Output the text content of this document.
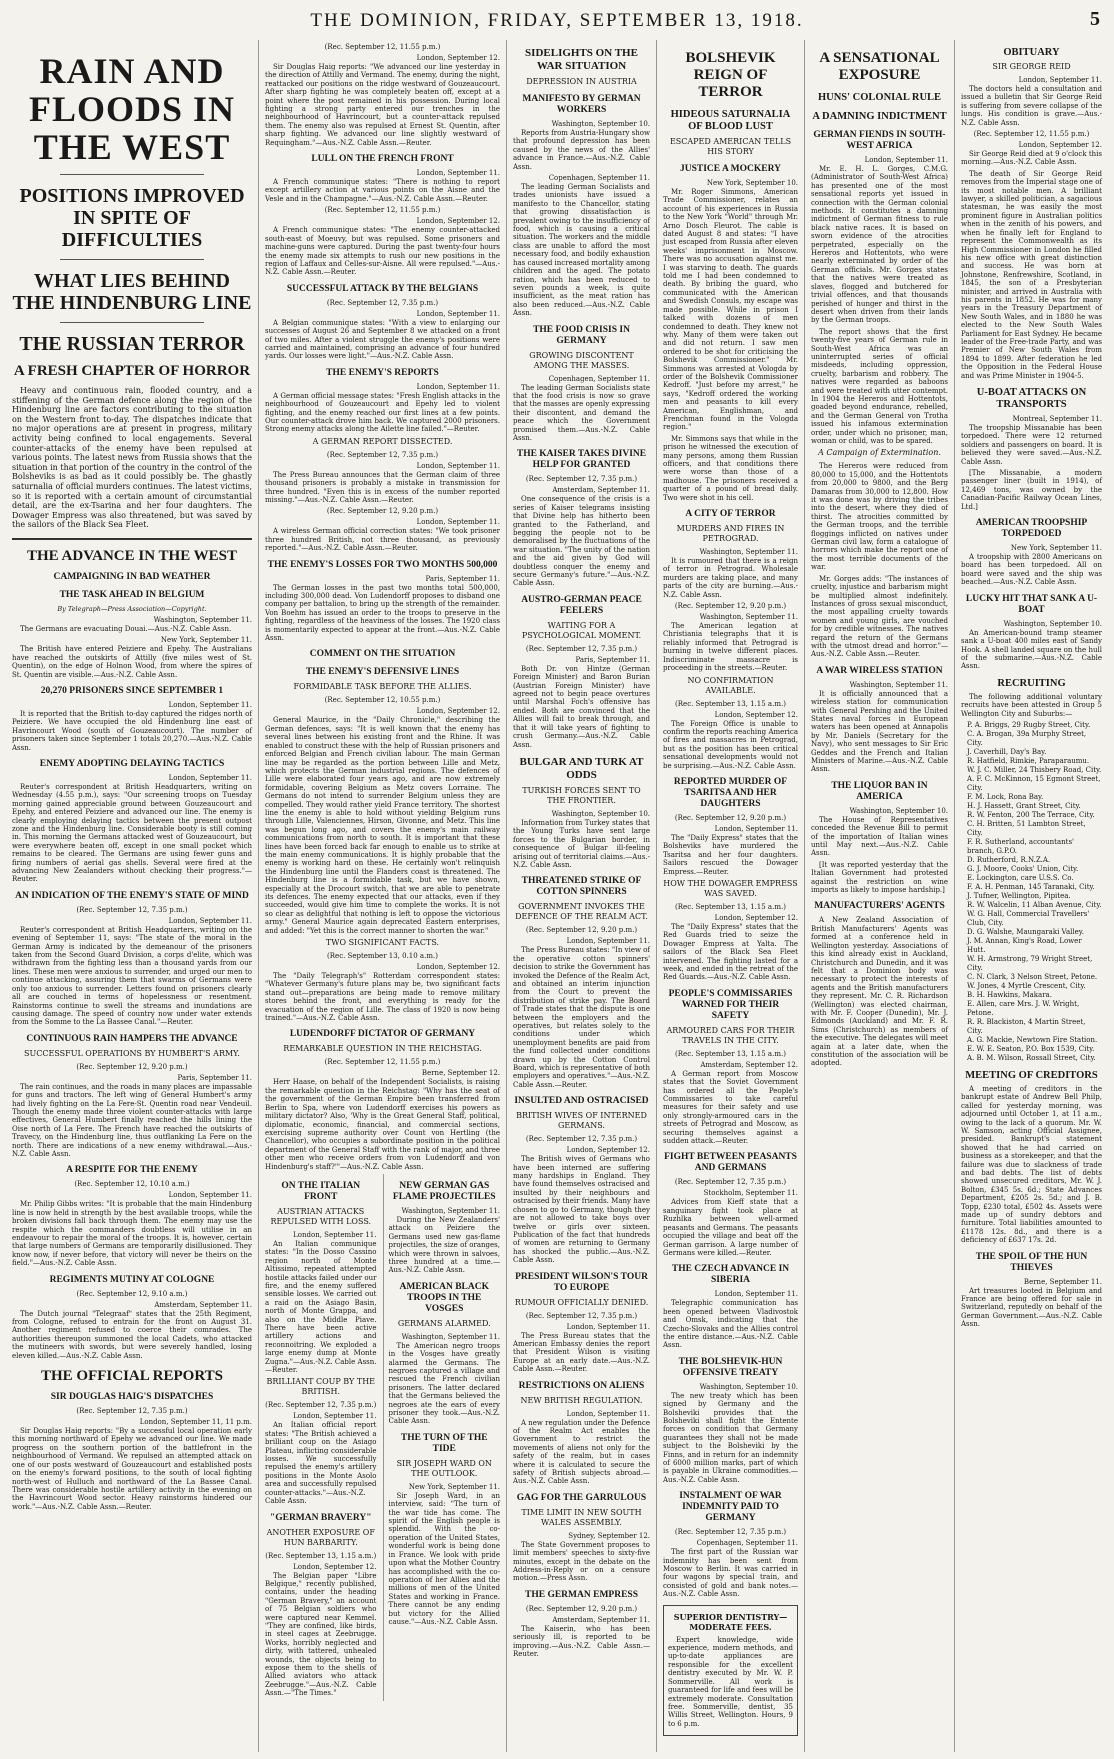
THE DOMINION, FRIDAY, SEPTEMBER 13, 1918.	5
RAIN AND FLOODS IN THE WEST
POSITIONS IMPROVED IN SPITE OF DIFFICULTIES
WHAT LIES BEHIND THE HINDENBURG LINE
THE RUSSIAN TERROR
A FRESH CHAPTER OF HORROR

Heavy and continuous rain, flooded country, and a stiffening of the German defence along the region of the Hindenburg line are factors contributing to the situation on the Western front to-day. The dispatches indicate that no major operations are at present in progress, military activity being confined to local engagements. Several counter-attacks of the enemy have been repulsed at various points. The latest news from Russia shows that the situation in that portion of the country in the control of the Bolsheviks is as bad as it could possibly be. The ghastly saturnalia of official murders continues. The latest victims, so it is reported with a certain amount of circumstantial detail, are the ex-Tsarina and her four daughters. The Dowager Empress was also threatened, but was saved by the sailors of the Black Sea Fleet.

THE ADVANCE IN THE WEST
CAMPAIGNING IN BAD WEATHER
THE TASK AHEAD IN BELGIUM
By Telegraph—Press Association—Copyright.
Washington, September 11.

The Germans are evacuating Douai.—Aus.-N.Z. Cable Assn.

New York, September 11.

The British have entered Peiziere and Epehy. The Australians have reached the outskirts of Attilly (five miles west of St. Quentin), on the edge of Holnon Wood, from where the spires of St. Quentin are visible.—Aus.-N.Z. Cable Assn.

20,270 PRISONERS SINCE SEPTEMBER 1
London, September 11.

It is reported that the British to-day captured the ridges north of Peiziere. We have occupied the old Hindenburg line east of Havrincourt Wood (south of Gouzeaucourt). The number of prisoners taken since September 1 totals 20,270.—Aus.-N.Z. Cable Assn.

ENEMY ADOPTING DELAYING TACTICS
London, September 11.

Reuter's correspondent at British Headquarters, writing on Wednesday (4.55 p.m.), says: "Our screening troops on Tuesday morning gained appreciable ground between Gouzeaucourt and Epehy, and entered Peiziere and advanced our line. The enemy is clearly employing delaying tactics between the present outpost zone and the Hindenburg line. Considerable booty is still coming in. This morning the Germans attacked west of Gouzeaucourt, but were everywhere beaten off, except in one small pocket which remains to be cleared. The Germans are using fewer guns and firing numbers of aerial gas shells. Several were fired at the advancing New Zealanders without checking their progress."—Reuter.

AN INDICATION OF THE ENEMY'S STATE OF MIND
(Rec. September 12, 7.35 p.m.)
London, September 11.

Reuter's correspondent at British Headquarters, writing on the evening of September 11, says: "The state of the moral in the German Army is indicated by the demeanour of the prisoners taken from the Second Guard Division, a corps d'elite, which was withdrawn from the fighting less than a thousand yards from our lines. These men were anxious to surrender, and urged our men to continue attacking, assuring them that swarms of Germans were only too anxious to surrender. Letters found on prisoners clearly all are couched in terms of hopelessness or resentment. Rainstorms continue to swell the streams and inundations are causing damage. The speed of country now under water extends from the Somme to the La Bassee Canal."—Reuter.

CONTINUOUS RAIN HAMPERS THE ADVANCE
SUCCESSFUL OPERATIONS BY HUMBERT'S ARMY.
(Rec. September 12, 9.20 p.m.)
Paris, September 11.

The rain continues, and the roads in many places are impassable for guns and tractors. The left wing of General Humbert's army had lively fighting on the La Fere-St. Quentin road near Vendeuil. Though the enemy made three violent counter-attacks with large effectives, General Humbert finally reached the hills lining the Oise north of La Fere. The French have reached the outskirts of Travecy, on the Hindenburg line, thus outflanking La Fere on the north. There are indications of a new enemy withdrawal.—Aus.-N.Z. Cable Assn.

A RESPITE FOR THE ENEMY
(Rec. September 12, 10.10 a.m.)
London, September 11.

Mr. Philip Gibbs writes: "It is probable that the main Hindenburg line is now held in strength by the best available troops, while the broken divisions fall back through them. The enemy may use the respite which the commanders doubtless will utilise in an endeavour to repair the moral of the troops. It is, however, certain that large numbers of Germans are temporarily disillusioned. They know now, if never before, that victory will never be theirs on the field."—Aus.-N.Z. Cable Assn.

REGIMENTS MUTINY AT COLOGNE
(Rec. September 12, 9.10 a.m.)
Amsterdam, September 11.

The Dutch journal "Telegraaf" states that the 25th Regiment, from Cologne, refused to entrain for the front on August 31. Another regiment refused to coerce their comrades. The authorities thereupon summoned the local Cadets, who attacked the mutineers with swords, but were severely handled, losing eleven killed.—Aus.-N.Z. Cable Assn.

THE OFFICIAL REPORTS
SIR DOUGLAS HAIG'S DISPATCHES
(Rec. September 12, 7.35 p.m.)
London, September 11, 11 p.m.

Sir Douglas Haig reports: "By a successful local operation early this morning northward of Epehy we advanced our line. We made progress on the southern portion of the battlefront in the neighbourhood of Vermand. We repulsed an attempted attack on one of our posts westward of Gouzeaucourt and established posts on the enemy's forward positions, to the south of local fighting north-west of Hulluch and northward of the La Bassee Canal. There was considerable hostile artillery activity in the evening on the Havrincourt Wood sector. Heavy rainstorms hindered our work."—Aus.-N.Z. Cable Assn.—Reuter.

(Rec. September 12, 11.55 p.m.)
London, September 12.

Sir Douglas Haig reports: "We advanced our line yesterday in the direction of Attilly and Vermand. The enemy, during the night, reattacked our positions on the ridge westward of Gouzeaucourt. After sharp fighting he was completely beaten off, except at a point where the post remained in his possession. During local fighting a strong party entered our trenches in the neighbourhood of Havrincourt, but a counter-attack repulsed them. The enemy also was repulsed at Ernest St. Quentin, after sharp fighting. We advanced our line slightly westward of Requingham."—Aus.-N.Z. Cable Assn.—Reuter.

LULL ON THE FRENCH FRONT
London, September 11.

A French communique states: "There is nothing to report except artillery action at various points on the Aisne and the Vesle and in the Champagne."—Aus.-N.Z. Cable Assn.—Reuter.

(Rec. September 12, 11.55 p.m.)
London, September 12.

A French communique states: "The enemy counter-attacked south-east of Moeuvy, but was repulsed. Some prisoners and machine-guns were captured. During the past twenty-four hours the enemy made six attempts to rush our new positions in the region of Laffaux and Celles-sur-Aisne. All were repulsed."—Aus.-N.Z. Cable Assn.—Reuter.

SUCCESSFUL ATTACK BY THE BELGIANS
(Rec. September 12, 7.35 p.m.)
London, September 11.

A Belgian communique states: "With a view to enlarging our successes of August 26 and September 8 we attacked on a front of two miles. After a violent struggle the enemy's positions were carried and maintained, comprising an advance of four hundred yards. Our losses were light."—Aus.-N.Z. Cable Assn.

THE ENEMY'S REPORTS
London, September 11.

A German official message states: "Fresh English attacks in the neighbourhood of Gouzeaucourt and Epehy led to violent fighting, and the enemy reached our first lines at a few points. Our counter-attack drove him back. We captured 2000 prisoners. Strong enemy attacks along the Ailette line failed."—Reuter.

A GERMAN REPORT DISSECTED.
(Rec. September 12, 7.35 p.m.)
London, September 11.

The Press Bureau announces that the German claim of three thousand prisoners is probably a mistake in transmission for three hundred. "Even this is in excess of the number reported missing."—Aus.-N.Z. Cable Assn.—Reuter.

(Rec. September 12, 9.20 p.m.)
London, September 11.

A wireless German official correction states: "We took prisoner three hundred British, not three thousand, as previously reported."—Aus.-N.Z. Cable Assn.—Reuter.

THE ENEMY'S LOSSES FOR TWO MONTHS 500,000
Paris, September 11.

The German losses in the past two months total 500,000, including 300,000 dead. Von Ludendorff proposes to disband one company per battalion, to bring up the strength of the remainder. Von Boehm has issued an order to the troops to preserve in the fighting, regardless of the heaviness of the losses. The 1920 class is momentarily expected to appear at the front.—Aus.-N.Z. Cable Assn.

COMMENT ON THE SITUATION
THE ENEMY'S DEFENSIVE LINES
FORMIDABLE TASK BEFORE THE ALLIES.
(Rec. September 12, 10.55 p.m.)
London, September 12.

General Maurice, in the "Daily Chronicle," describing the German defences, says: "It is well known that the enemy has several lines between his existing front and the Rhine. It was enabled to construct these with the help of Russian prisoners and enforced Belgian and French civilian labour. The main German line may be regarded as the portion between Lille and Metz, which protects the German industrial regions. The defences of Lille were elaborated four years ago, and are now extremely formidable, covering Belgium as Metz covers Lorraine. The Germans do not intend to surrender Belgium unless they are compelled. They would rather yield France territory. The shortest line the enemy is able to hold without yielding Belgium runs through Lille, Valenciennes, Hirson, Givonne, and Metz. This line was begun long ago, and covers the enemy's main railway communications from north to south. It is important that these lines have been forced back far enough to enable us to strike at the main enemy communications. It is highly probable that the enemy is working hard on these. He certainly won't relinquish the Hindenburg line until the Flanders coast is threatened. The Hindenburg line is a formidable task, but we have shown, especially at the Drocourt switch, that we are able to penetrate its defences. The enemy expected that our attacks, even if they succeeded, would give him time to complete the works. It is not so clear as delightful that nothing is left to oppose the victorious army." General Maurice again deprecated Eastern enterprises, and added: "Yet this is the correct manner to shorten the war."

TWO SIGNIFICANT FACTS.
(Rec. September 13, 0.10 a.m.)
London, September 12.

The "Daily Telegraph's" Rotterdam correspondent states: "Whatever Germany's future plans may be, two significant facts stand out—preparations are being made to remove military stores behind the front, and everything is ready for the evacuation of the region of Lille. The class of 1920 is now being trained."—Aus.-N.Z. Cable Assn.

LUDENDORFF DICTATOR OF GERMANY
REMARKABLE QUESTION IN THE REICHSTAG.
(Rec. September 12, 11.55 p.m.)
Berne, September 12.

Herr Haase, on behalf of the Independent Socialists, is raising the remarkable question in the Reichstag: "Why has the seat of the government of the German Empire been transferred from Berlin to Spa, where von Ludendorff exercises his powers as military dictator? Also, 'Why is the Great General Staff, political, diplomatic, economic, financial, and commercial sections, exercising supreme authority over Count von Hertling (the Chancellor), who occupies a subordinate position in the political department of the General Staff with the rank of major, and three other men who receive orders from von Ludendorff and von Hindenburg's staff?'"—Aus.-N.Z. Cable Assn.

ON THE ITALIAN FRONT
AUSTRIAN ATTACKS REPULSED WITH LOSS.
London, September 11.

An Italian communique states: "In the Dosso Cassino region north of Monte Altissimo, repeated attempted hostile attacks failed under our fire, and the enemy suffered sensible losses. We carried out a raid on the Asiago Basin, north of Monte Grappa, and also on the Middle Piave. There have been active artillery actions and reconnoitring. We exploded a large enemy dump at Monte Zugna."—Aus.-N.Z. Cable Assn.—Reuter.

BRILLIANT COUP BY THE BRITISH.
(Rec. September 12, 7.35 p.m.)
London, September 11.

An Italian official report states: "The British achieved a brilliant coup on the Asiago Plateau, inflicting considerable losses. We successfully repulsed the enemy's artillery positions in the Monte Asolo area and successfully repulsed counter-attacks."—Aus.-N.Z. Cable Assn.

"GERMAN BRAVERY"
ANOTHER EXPOSURE OF HUN BARBARITY.
(Rec. September 13, 1.15 a.m.)
London, September 12.

The Belgian paper "Libre Belgique," recently published, contains, under the heading "German Bravery," an account of 75 Belgian soldiers who were captured near Kemmel. "They are confined, like birds, in steel cages at Zeebrugge. Works, horribly neglected and dirty, with tattered, unhealed wounds, the objects being to expose them to the shells of Allied aviators who attack Zeebrugge."—Aus.-N.Z. Cable Assn.—"The Times."

NEW GERMAN GAS FLAME PROJECTILES
Washington, September 11.

During the New Zealanders' attack on Peiziere the Germans used new gas-flame projectiles, the size of oranges, which were thrown in salvoes, three hundred at a time.—Aus.-N.Z. Cable Assn.

AMERICAN BLACK TROOPS IN THE VOSGES
GERMANS ALARMED.
Washington, September 11.

The American negro troops in the Vosges have greatly alarmed the Germans. The negroes captured a village and rescued the French civilian prisoners. The latter declared that the Germans believed the negroes ate the ears of every prisoner they took.—Aus.-N.Z. Cable Assn.

THE TURN OF THE TIDE
SIR JOSEPH WARD ON THE OUTLOOK.
New York, September 11.

Sir Joseph Ward, in an interview, said: "The turn of the war tide has come. The spirit of the English people is splendid. With the co-operation of the United States, wonderful work is being done in France. We look with pride upon what the Mother Country has accomplished with the co-operation of her Allies and the millions of men of the United States and working in France. There cannot be any ending but victory for the Allied cause."—Aus.-N.Z. Cable Assn.

SIDELIGHTS ON THE WAR SITUATION
DEPRESSION IN AUSTRIA
MANIFESTO BY GERMAN WORKERS
Washington, September 10.

Reports from Austria-Hungary show that profound depression has been caused by the news of the Allies' advance in France.—Aus.-N.Z. Cable Assn.

Copenhagen, September 11.

The leading German Socialists and trades unionists have issued a manifesto to the Chancellor, stating that growing dissatisfaction is prevalent owing to the insufficiency of food, which is causing a critical situation. The workers and the middle class are unable to afford the most necessary food, and bodily exhaustion has caused increased mortality among children and the aged. The potato ration, which has been reduced to seven pounds a week, is quite insufficient, as the meat ration has also been reduced.—Aus.-N.Z. Cable Assn.

THE FOOD CRISIS IN GERMANY
GROWING DISCONTENT AMONG THE MASSES.
Copenhagen, September 11.

The leading German Socialists state that the food crisis is now so grave that the masses are openly expressing their discontent, and demand the peace which the Government promised them.—Aus.-N.Z. Cable Assn.

THE KAISER TAKES DIVINE HELP FOR GRANTED
(Rec. September 12, 7.35 p.m.)
Amsterdam, September 11.

One consequence of the crisis is a series of Kaiser telegrams insisting that Divine help has hitherto been granted to the Fatherland, and begging the people not to be demoralised by the fluctuations of the war situation. "The unity of the nation and the aid given by God will doubtless conquer the enemy and secure Germany's future."—Aus.-N.Z. Cable Assn.

AUSTRO-GERMAN PEACE FEELERS
WAITING FOR A PSYCHOLOGICAL MOMENT.
(Rec. September 12, 7.35 p.m.)
Paris, September 11.

Both Dr. von Hintze (German Foreign Minister) and Baron Burian (Austrian Foreign Minister) have agreed not to begin peace overtures until Marshal Foch's offensive has ended. Both are convinced that the Allies will fail to break through, and that it will take years of fighting to crush Germany.—Aus.-N.Z. Cable Assn.

BULGAR AND TURK AT ODDS
TURKISH FORCES SENT TO THE FRONTIER.
Washington, September 10.

Information from Turkey states that the Young Turks have sent large forces to the Bulgarian border, in consequence of Bulgar ill-feeling arising out of territorial claims.—Aus.-N.Z. Cable Assn.

THREATENED STRIKE OF COTTON SPINNERS
GOVERNMENT INVOKES THE DEFENCE OF THE REALM ACT.
(Rec. September 12, 9.20 p.m.)
London, September 11.

The Press Bureau states: "In view of the operative cotton spinners' decision to strike the Government has invoked the Defence of the Realm Act, and obtained an interim injunction from the Court to prevent the distribution of strike pay. The Board of Trade states that the dispute is one between the employers and the operatives, but relates solely to the conditions under which unemployment benefits are paid from the fund collected under conditions drawn up by the Cotton Control Board, which is representative of both employers and operatives."—Aus.-N.Z. Cable Assn.—Reuter.

INSULTED AND OSTRACISED
BRITISH WIVES OF INTERNED GERMANS.
(Rec. September 12, 7.35 p.m.)
London, September 12.

The British wives of Germans who have been interned are suffering many hardships in England. They have found themselves ostracised and insulted by their neighbours and ostracised by their friends. Many have chosen to go to Germany, though they are not allowed to take boys over twelve or girls over sixteen. Publication of the fact that hundreds of women are returning to Germany has shocked the public.—Aus.-N.Z. Cable Assn.

PRESIDENT WILSON'S TOUR TO EUROPE
RUMOUR OFFICIALLY DENIED.
(Rec. September 12, 7.35 p.m.)
London, September 11.

The Press Bureau states that the American Embassy denies the report that President Wilson is visiting Europe at an early date.—Aus.-N.Z. Cable Assn.—Reuter.

RESTRICTIONS ON ALIENS
NEW BRITISH REGULATION.
London, September 11.

A new regulation under the Defence of the Realm Act enables the Government to restrict the movements of aliens not only for the safety of the realm, but in cases where it is calculated to secure the safety of British subjects abroad.—Aus.-N.Z. Cable Assn.

GAG FOR THE GARRULOUS
TIME LIMIT IN NEW SOUTH WALES ASSEMBLY.
Sydney, September 12.

The State Government proposes to limit members' speeches to sixty-five minutes, except in the debate on the Address-in-Reply or on a censure motion.—Press Assn.

THE GERMAN EMPRESS
(Rec. September 12, 9.20 p.m.)
Amsterdam, September 11.

The Kaiserin, who has been seriously ill, is reported to be improving.—Aus.-N.Z. Cable Assn.—Reuter.

BOLSHEVIK REIGN OF TERROR
HIDEOUS SATURNALIA OF BLOOD LUST
ESCAPED AMERICAN TELLS HIS STORY
JUSTICE A MOCKERY
New York, September 10.

Mr. Roger Simmons, American Trade Commissioner, relates an account of his experiences in Russia to the New York "World" through Mr. Arno Dosch Fleurot. The cable is dated August 8 and states: "I have just escaped from Russia after eleven weeks' imprisonment in Moscow. There was no accusation against me. I was starving to death. The guards told me I had been condemned to death. By bribing the guard, who communicated with the American and Swedish Consuls, my escape was made possible. While in prison I talked with dozens of men condemned to death. They knew not why. Many of them were taken out and did not return. I saw men ordered to be shot for criticising the Bolshevik Commissioner." Mr. Simmons was arrested at Vologda by order of the Bolshevik Commissioner Kedroff. "Just before my arrest," he says, "Kedroff ordered the working men and peasants to kill every American, Englishman, and Frenchman found in the Vologda region."

Mr. Simmons says that while in the prison he witnessed the execution of many persons, among them Russian officers, and that conditions there were worse than those of a madhouse. The prisoners received a quarter of a pound of bread daily. Two were shot in his cell.

A CITY OF TERROR
MURDERS AND FIRES IN PETROGRAD.
Washington, September 11.

It is rumoured that there is a reign of terror in Petrograd. Wholesale murders are taking place, and many parts of the city are burning.—Aus.-N.Z. Cable Assn.

(Rec. September 12, 9.20 p.m.)
Washington, September 11.

The American legation at Christiania telegraphs that it is reliably informed that Petrograd is burning in twelve different places. Indiscriminate massacre is proceeding in the streets.—Reuter.

NO CONFIRMATION AVAILABLE.
(Rec. September 13, 1.15 a.m.)
London, September 12.

The Foreign Office is unable to confirm the reports reaching America of fires and massacres in Petrograd, but as the position has been critical sensational developments would not be surprising.—Aus.-N.Z. Cable Assn.

REPORTED MURDER OF TSARITSA AND HER DAUGHTERS
(Rec. September 12, 9.20 p.m.)
London, September 11.

The "Daily Express" states that the Bolsheviks have murdered the Tsaritsa and her four daughters. Sailors rescued the Dowager Empress.—Reuter.

HOW THE DOWAGER EMPRESS WAS SAVED.
(Rec. September 13, 1.15 a.m.)
London, September 12.

The "Daily Express" states that the Red Guards tried to seize the Dowager Empress at Yalta. The sailors of the Black Sea Fleet intervened. The fighting lasted for a week, and ended in the retreat of the Red Guards.—Aus.-N.Z. Cable Assn.

PEOPLE'S COMMISSARIES WARNED FOR THEIR SAFETY
ARMOURED CARS FOR THEIR TRAVELS IN THE CITY.
(Rec. September 13, 1.15 a.m.)
Amsterdam, September 12.

A German report from Moscow states that the Soviet Government has ordered all the People's Commissaries to take careful measures for their safety and use only strongly-armoured cars in the streets of Petrograd and Moscow, as securing themselves against a sudden attack.—Reuter.

FIGHT BETWEEN PEASANTS AND GERMANS
(Rec. September 12, 7.35 p.m.)
Stockholm, September 11.

Advices from Kieff state that a sanguinary fight took place at Ruzhlka between well-armed peasants and Germans. The peasants occupied the village and beat off the German garrison. A large number of Germans were killed.—Reuter.

THE CZECH ADVANCE IN SIBERIA
London, September 11.

Telegraphic communication has been opened between Vladivostok and Omsk, indicating that the Czecho-Slovaks and the Allies control the entire distance.—Aus.-N.Z. Cable Assn.

THE BOLSHEVIK-HUN OFFENSIVE TREATY
Washington, September 10.

The new treaty which has been signed by Germany and the Bolsheviki provides that the Bolsheviki shall fight the Entente forces on condition that Germany guarantees they shall not be made subject to the Bolsheviki by the Finns, and in return for an indemnity of 6000 million marks, part of which is payable in Ukraine commodities.—Aus.-N.Z. Cable Assn.

INSTALMENT OF WAR INDEMNITY PAID TO GERMANY
(Rec. September 12, 7.35 p.m.)
Copenhagen, September 11.

The first part of the Russian war indemnity has been sent from Moscow to Berlin. It was carried in four wagons by special train, and consisted of gold and bank notes.—Aus.-N.Z. Cable Assn.

SUPERIOR DENTISTRY—MODERATE FEES.

Expert knowledge, wide experience, modern methods, and up-to-date appliances are responsible for the excellent dentistry executed by Mr. W. P. Sommerville. All work is guaranteed for life and fees will be extremely moderate. Consultation free. Sommerville, dentist, 35 Willis Street, Wellington. Hours, 9 to 6 p.m.

A SENSATIONAL EXPOSURE
HUNS' COLONIAL RULE
A DAMNING INDICTMENT
GERMAN FIENDS IN SOUTH-WEST AFRICA
London, September 11.

Mr. E. H. L. Gorges, C.M.G. (Administrator of South-West Africa) has presented one of the most sensational reports yet issued in connection with the German colonial methods. It constitutes a damning indictment of German fitness to rule black native races. It is based on sworn evidence of the atrocities perpetrated, especially on the Hereros and Hottentots, who were nearly exterminated by order of the German officials. Mr. Gorges states that the natives were treated as slaves, flogged and butchered for trivial offences, and that thousands perished of hunger and thirst in the desert when driven from their lands by the German troops.

The report shows that the first twenty-five years of German rule in South-West Africa was an uninterrupted series of official misdeeds, including oppression, cruelty, barbarism and robbery. The natives were regarded as baboons and were treated with utter contempt. In 1904 the Hereros and Hottentots, goaded beyond endurance, rebelled, and the German General von Trotha issued his infamous extermination order, under which no prisoner, man, woman or child, was to be spared.

A Campaign of Extermination.

The Hereros were reduced from 80,000 to 15,000, and the Hottentots from 20,000 to 9800, and the Berg Damaras from 30,000 to 12,800. How it was done was by driving the tribes into the desert, where they died of thirst. The atrocities committed by the German troops, and the terrible floggings inflicted on natives under German civil law, form a catalogue of horrors which make the report one of the most terrible documents of the war.

Mr. Gorges adds: "The instances of cruelty, injustice and barbarism might be multiplied almost indefinitely. Instances of gross sexual misconduct, the most appalling cruelty towards women and young girls, are vouched for by credible witnesses. The natives regard the return of the Germans with the utmost dread and horror."—Aus.-N.Z. Cable Assn.—Reuter.

A WAR WIRELESS STATION
Washington, September 11.

It is officially announced that a wireless station for communication with General Pershing and the United States naval forces in European waters has been opened at Annapolis by Mr. Daniels (Secretary for the Navy), who sent messages to Sir Eric Geddes and the French and Italian Ministers of Marine.—Aus.-N.Z. Cable Assn.

THE LIQUOR BAN IN AMERICA
Washington, September 10.

The House of Representatives conceded the Revenue Bill to permit of the importation of Italian wines until May next.—Aus.-N.Z. Cable Assn.

[It was reported yesterday that the Italian Government had protested against the restriction on wine imports as likely to impose hardship.]

MANUFACTURERS' AGENTS

A New Zealand Association of British Manufacturers' Agents was formed at a conference held in Wellington yesterday. Associations of this kind already exist in Auckland, Christchurch and Dunedin, and it was felt that a Dominion body was necessary to protect the interests of agents and the British manufacturers they represent. Mr. C. R. Richardson (Wellington) was elected chairman, with Mr. F. Cooper (Dunedin), Mr. J. Edmonds (Auckland) and Mr. F. R. Sims (Christchurch) as members of the executive. The delegates will meet again at a later date, when the constitution of the association will be adopted.

OBITUARY
SIR GEORGE REID
London, September 11.

The doctors held a consultation and issued a bulletin that Sir George Reid is suffering from severe collapse of the lungs. His condition is grave.—Aus.-N.Z. Cable Assn.

(Rec. September 12, 11.55 p.m.)
London, September 12.

Sir George Reid died at 9 o'clock this morning.—Aus.-N.Z. Cable Assn.

The death of Sir George Reid removes from the Imperial stage one of its most notable men. A brilliant lawyer, a skilled politician, a sagacious statesman, he was easily the most prominent figure in Australian politics when in the zenith of his powers, and when he finally left for England to represent the Commonwealth as its High Commissioner in London he filled his new office with great distinction and success. He was born at Johnstone, Renfrewshire, Scotland, in 1845, the son of a Presbyterian minister, and arrived in Australia with his parents in 1852. He was for many years in the Treasury Department of New South Wales, and in 1880 he was elected to the New South Wales Parliament for East Sydney. He became leader of the Free-trade Party, and was Premier of New South Wales from 1894 to 1899. After federation he led the Opposition in the Federal House and was Prime Minister in 1904-5.

U-BOAT ATTACKS ON TRANSPORTS
Montreal, September 11.

The troopship Missanabie has been torpedoed. There were 12 returned soldiers and passengers on board. It is believed they were saved.—Aus.-N.Z. Cable Assn.

[The Missanabie, a modern passenger liner (built in 1914), of 12,469 tons, was owned by the Canadian-Pacific Railway Ocean Lines, Ltd.]

AMERICAN TROOPSHIP TORPEDOED
New York, September 11.

A troopship with 2800 Americans on board has been torpedoed. All on board were saved and the ship was beached.—Aus.-N.Z. Cable Assn.

LUCKY HIT THAT SANK A U-BOAT
Washington, September 10.

An American-bound tramp steamer sank a U-boat 400 miles east of Sandy Hook. A shell landed square on the hull of the submarine.—Aus.-N.Z. Cable Assn.

RECRUITING

The following additional voluntary recruits have been attested in Group 5 Wellington City and Suburbs:—

P. A. Briggs, 29 Rugby Street, City.
C. A. Brogan, 39a Murphy Street, City.
J. Caverhill, Day's Bay.
R. Hatfield, Rimkie, Paraparaumu.
W. J. C. Miller, 24 Thisbery Road, City.
A. F. C. McKinnon, 15 Egmont Street, City.
F. M. Lock, Rona Bay.
H. J. Hassett, Grant Street, City.
R. W. Fenton, 200 The Terrace, City.
C. H. Britten, 51 Lambton Street, City.
F. R. Sutherland, accountants' branch, G.P.O.
D. Rutherford, R.N.Z.A.
G. J. Moore, Cooks' Union, City.
E. Lockington, care U.S.S. Co.
F. A. H. Penman, 145 Taranaki, City.
J. Tufner, Wellington, Pipitea.
R. W. Walcelin, 11 Alban Avenue, City.
W. G. Hall, Commercial Travellers' Club, City.
D. G. Walshe, Maungaraki Valley.
J. M. Annan, King's Road, Lower Hutt.
W. H. Armstrong, 79 Wright Street, City.
C. N. Clark, 3 Nelson Street, Petone.
W. Jones, 4 Myrtle Crescent, City.
B. H. Hawkins, Makara.
E. Allen, care Mrs. J. W. Wright, Petone.
R. R. Blackiston, 4 Martin Street, City.
A. G. Mackie, Newtown Fire Station.
E. W. E. Seaton, P.O. Box 1539, City.
A. B. M. Wilson, Rossall Street, City.
MEETING OF CREDITORS

A meeting of creditors in the bankrupt estate of Andrew Bell Philp, called for yesterday morning, was adjourned until October 1, at 11 a.m., owing to the lack of a quorum. Mr. W. W. Samson, acting Official Assignee, presided. Bankrupt's statement showed that he had carried on business as a storekeeper, and that the failure was due to slackness of trade and bad debts. The list of debts showed unsecured creditors, Mr. W. J. Bolton, £345 5s. 6d.; State Advances Department, £205 2s. 5d.; and J. B. Topp, £230 total, £502 4s. Assets were made up of sundry debtors and furniture. Total liabilities amounted to £1178 12s. 8d., and there is a deficiency of £637 17s. 2d.

THE SPOIL OF THE HUN THIEVES
Berne, September 11.

Art treasures looted in Belgium and France are being offered for sale in Switzerland, reputedly on behalf of the German Government.—Aus.-N.Z. Cable Assn.
